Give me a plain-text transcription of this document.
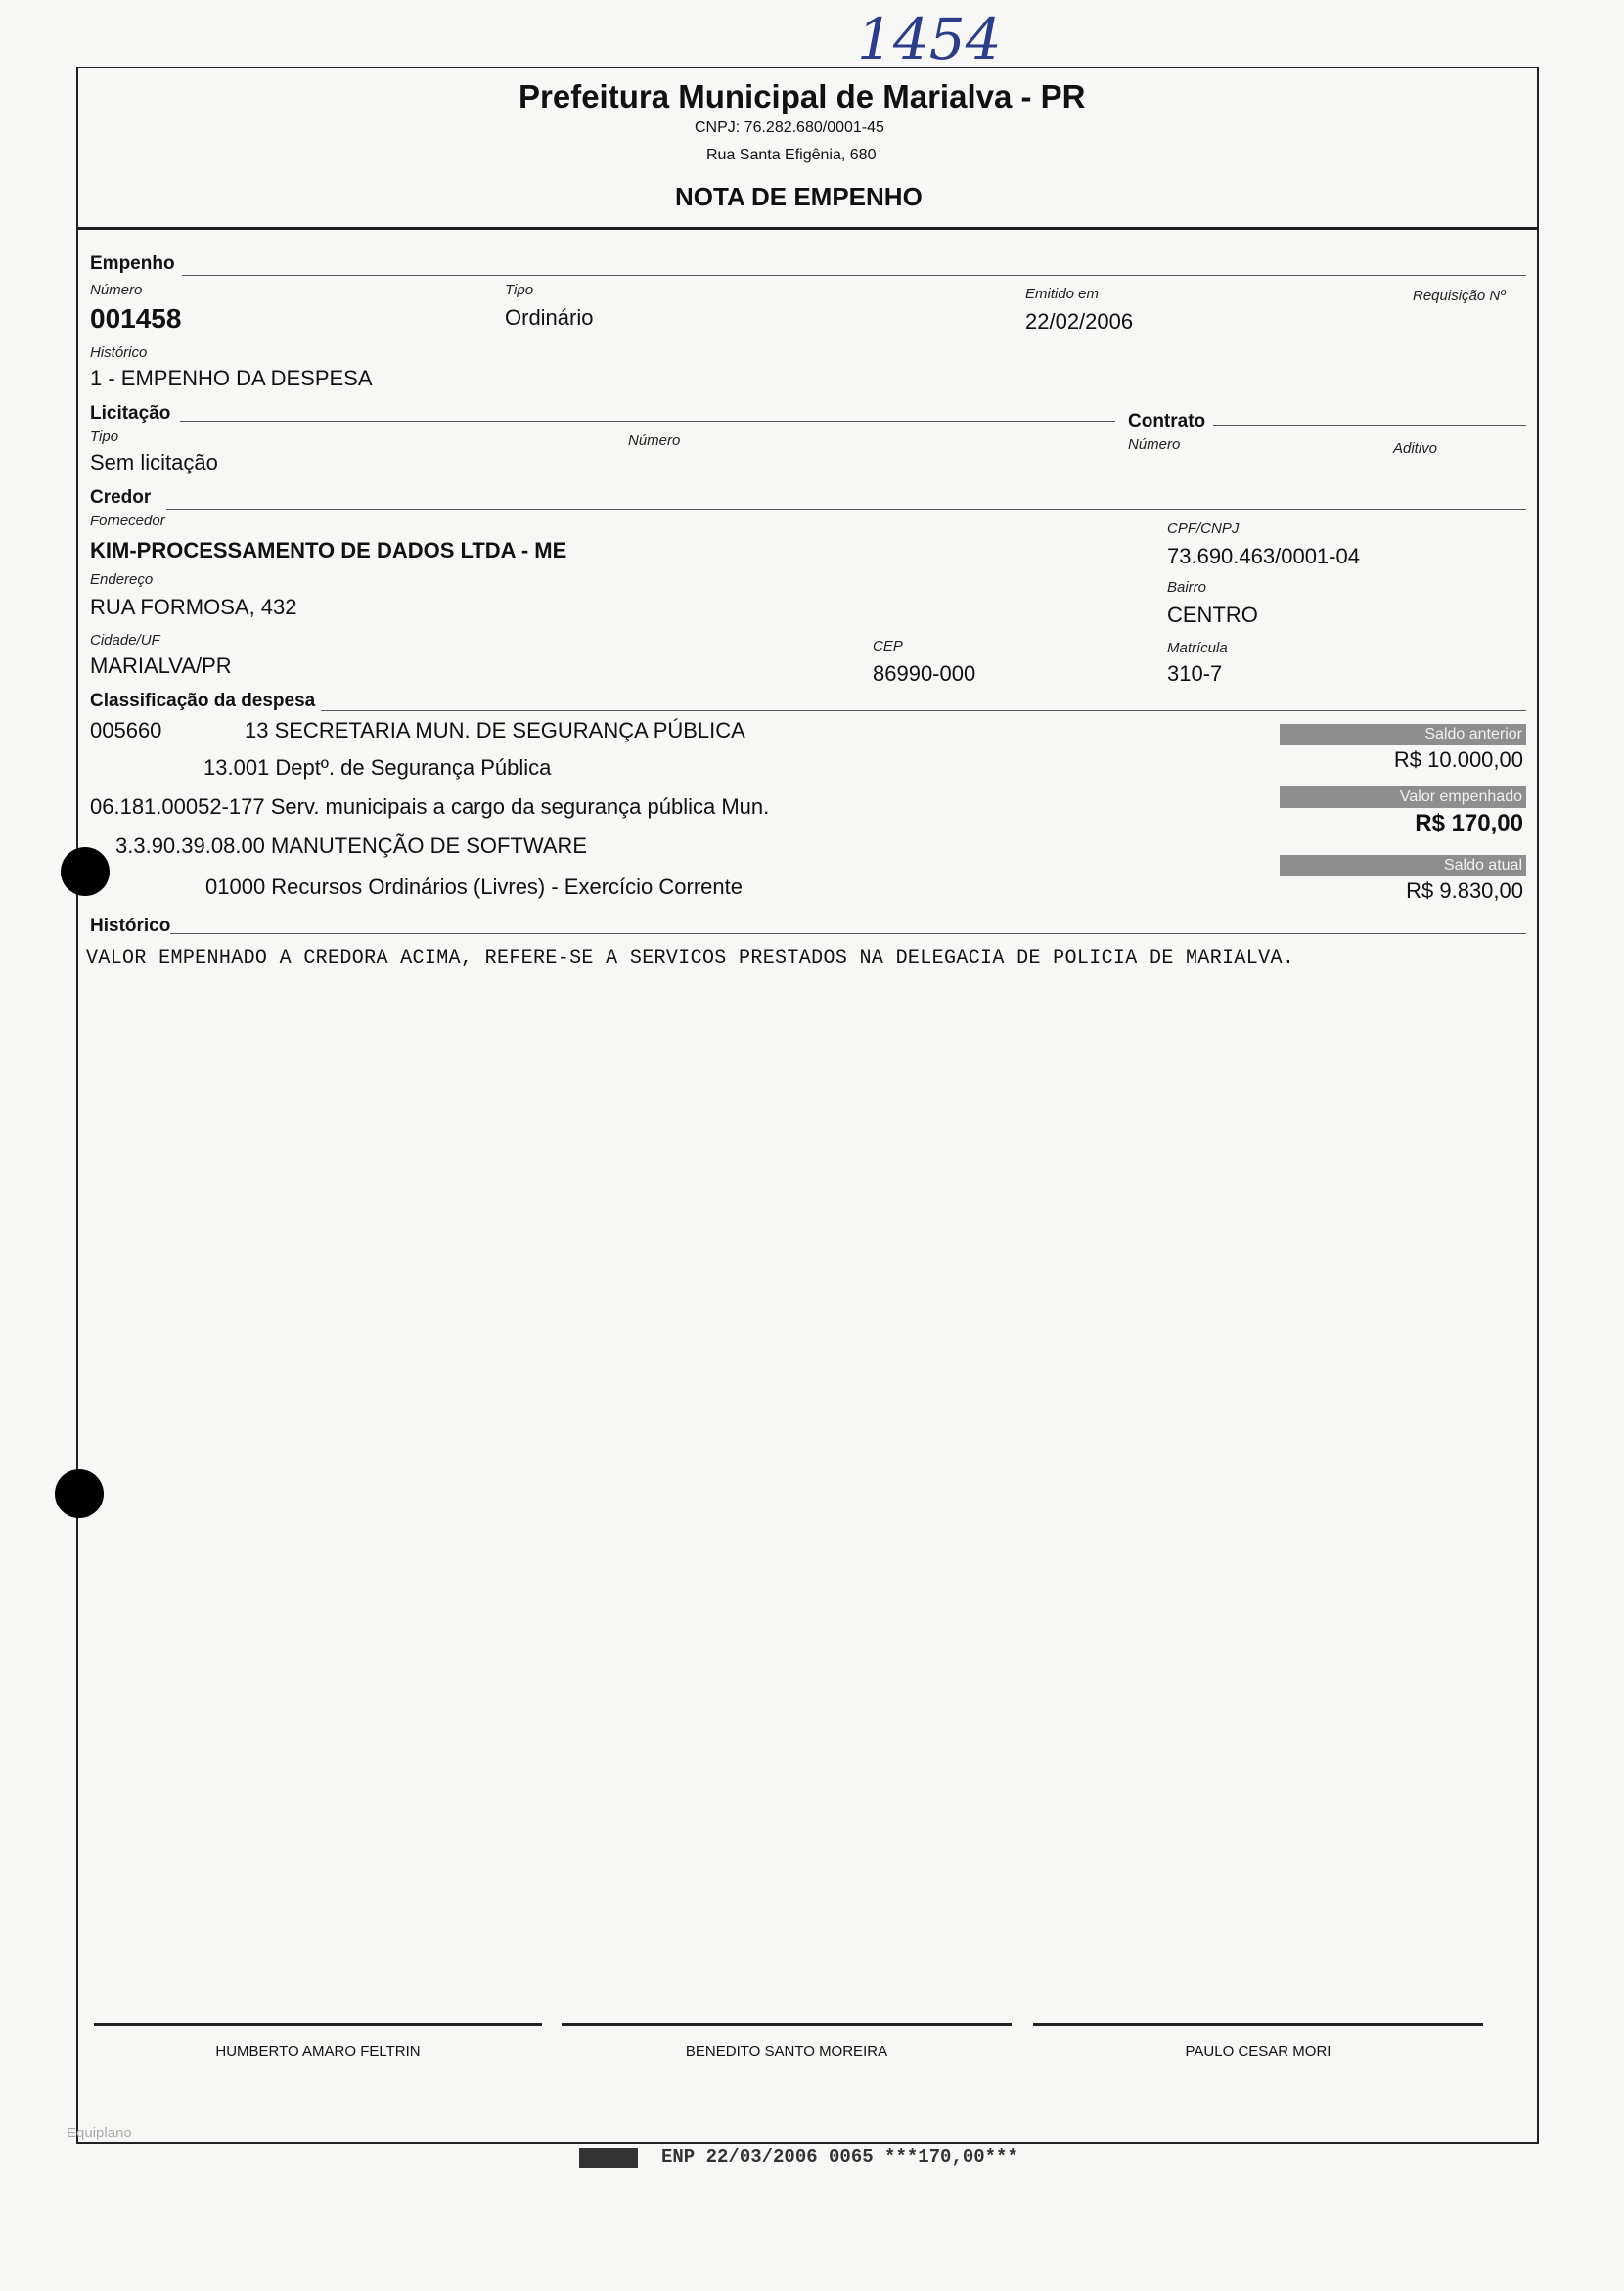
1454
Prefeitura Municipal de Marialva - PR
CNPJ: 76.282.680/0001-45
Rua Santa Efigênia, 680
NOTA DE EMPENHO
Empenho
Número
001458
Tipo
Ordinário
Emitido em
22/02/2006
Requisição Nº
Histórico
1 - EMPENHO DA DESPESA
Licitação
Tipo
Sem licitação
Número
Contrato
Número	Aditivo
Credor
Fornecedor
KIM-PROCESSAMENTO DE DADOS LTDA - ME
CPF/CNPJ
73.690.463/0001-04
Endereço
RUA FORMOSA, 432
Bairro
CENTRO
Cidade/UF
MARIALVA/PR
CEP
86990-000
Matrícula
310-7
Classificação da despesa
005660	13 SECRETARIA MUN. DE SEGURANÇA PÚBLICA
13.001 Deptº. de Segurança Pública
06.181.00052-177 Serv. municipais a cargo da segurança pública Mun.
3.3.90.39.08.00 MANUTENÇÃO DE SOFTWARE
01000 Recursos Ordinários (Livres) - Exercício Corrente
Saldo anterior
R$ 10.000,00
Valor empenhado
R$ 170,00
Saldo atual
R$ 9.830,00
Histórico
VALOR EMPENHADO A CREDORA ACIMA, REFERE-SE A SERVICOS PRESTADOS NA DELEGACIA DE POLICIA DE MARIALVA.
HUMBERTO AMARO FELTRIN	BENEDITO SANTO MOREIRA	PAULO CESAR MORI
Equiplano
ENP 22/03/2006 0065 ***170,00***
